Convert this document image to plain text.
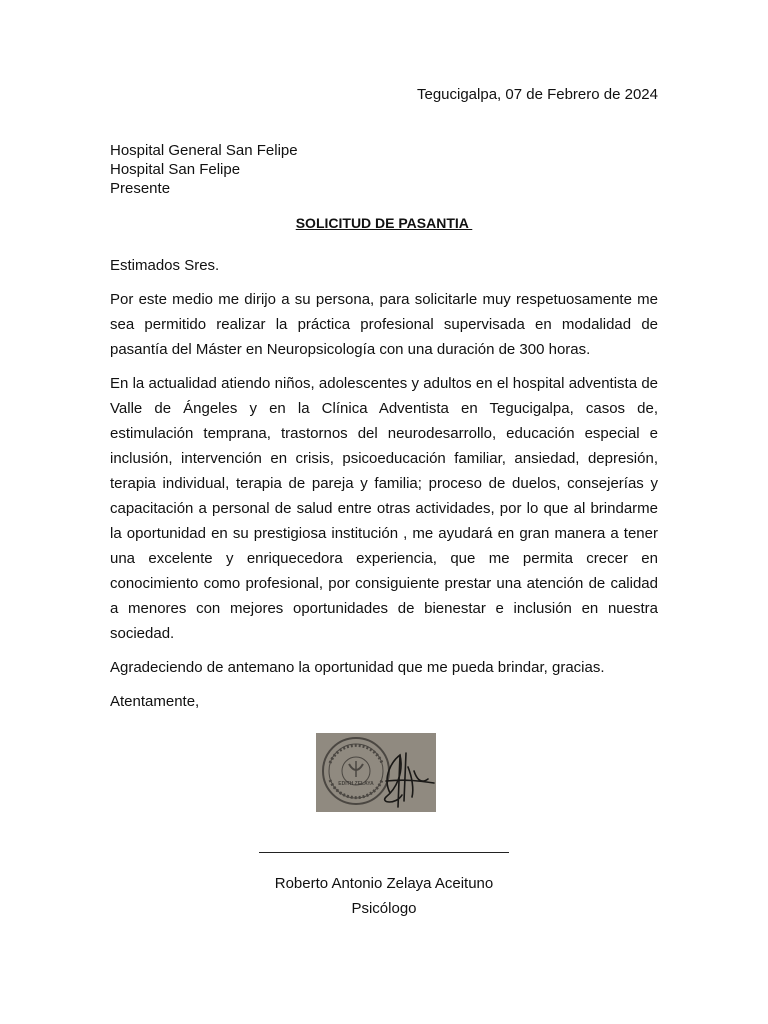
Tegucigalpa, 07 de Febrero de 2024
Hospital General San Felipe
Hospital San Felipe
Presente
SOLICITUD DE PASANTIA

Estimados Sres.

Por este medio me dirijo a su persona, para solicitarle muy respetuosamente me sea permitido realizar la práctica profesional supervisada en modalidad de pasantía del Máster en Neuropsicología con una duración de 300 horas.

En la actualidad atiendo niños, adolescentes y adultos en el hospital adventista de Valle de Ángeles y en la Clínica Adventista en Tegucigalpa, casos de, estimulación temprana, trastornos del neurodesarrollo, educación especial e inclusión, intervención en crisis, psicoeducación familiar, ansiedad, depresión, terapia individual, terapia de pareja y familia; proceso de duelos, consejerías y capacitación a personal de salud entre otras actividades, por lo que al brindarme la oportunidad en su prestigiosa institución , me ayudará en gran manera a tener una excelente y enriquecedora experiencia, que me permita crecer en conocimiento como profesional, por consiguiente prestar una atención de calidad a menores con mejores oportunidades de bienestar e inclusión en nuestra sociedad.

Agradeciendo de antemano la oportunidad que me pueda brindar, gracias.

Atentamente,

EDITH ZELAYA
Roberto Antonio Zelaya Aceituno
Psicólogo
